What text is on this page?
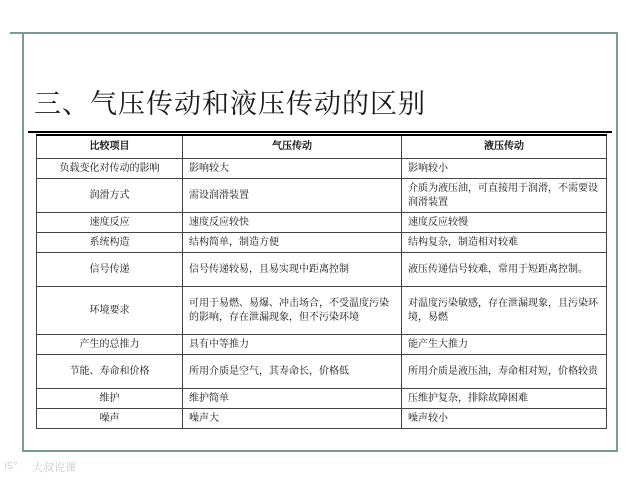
三、气压传动和液压传动的区别
比较项目	气压传动	液压传动
负载变化对传动的影响	影响较大	影响较小
润滑方式	需设润滑装置	介质为液压油，可直接用于润滑，不需要设润滑装置
速度反应	速度反应较快	速度反应较慢
系统构造	结构简单，制造方便	结构复杂，制造相对较难
信号传递	信号传递较易，且易实现中距离控制	液压传递信号较难，常用于短距离控制。
环境要求	可用于易燃、易爆、冲击场合，不受温度污染的影响，存在泄漏现象，但不污染环境	对温度污染敏感，存在泄漏现象，且污染环境，易燃
产生的总推力	具有中等推力	能产生大推力
节能、寿命和价格	所用介质是空气，其寿命长，价格低	所用介质是液压油，寿命相对短，价格较贵
维护	维护简单	压维护复杂，排除故障困难
噪声	噪声大	噪声较小
iS°	大叔说课
